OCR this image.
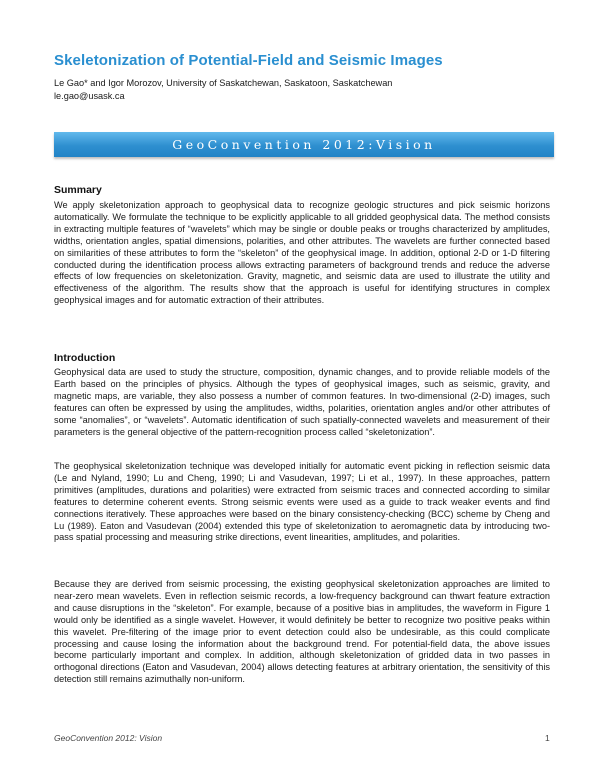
Skeletonization of Potential-Field and Seismic Images
Le Gao* and Igor Morozov, University of Saskatchewan, Saskatoon, Saskatchewan
le.gao@usask.ca
GeoConvention 2012:Vision
Summary

We apply skeletonization approach to geophysical data to recognize geologic structures and pick seismic horizons automatically. We formulate the technique to be explicitly applicable to all gridded geophysical data. The method consists in extracting multiple features of “wavelets” which may be single or double peaks or troughs characterized by amplitudes, widths, orientation angles, spatial dimensions, polarities, and other attributes. The wavelets are further connected based on similarities of these attributes to form the “skeleton” of the geophysical image. In addition, optional 2-D or 1-D filtering conducted during the identification process allows extracting parameters of background trends and reduce the adverse effects of low frequencies on skeletonization. Gravity, magnetic, and seismic data are used to illustrate the utility and effectiveness of the algorithm. The results show that the approach is useful for identifying structures in complex geophysical images and for automatic extraction of their attributes.

Introduction

Geophysical data are used to study the structure, composition, dynamic changes, and to provide reliable models of the Earth based on the principles of physics. Although the types of geophysical images, such as seismic, gravity, and magnetic maps, are variable, they also possess a number of common features. In two-dimensional (2-D) images, such features can often be expressed by using the amplitudes, widths, polarities, orientation angles and/or other attributes of some “anomalies”, or “wavelets”. Automatic identification of such spatially-connected wavelets and measurement of their parameters is the general objective of the pattern-recognition process called “skeletonization”.

The geophysical skeletonization technique was developed initially for automatic event picking in reflection seismic data (Le and Nyland, 1990; Lu and Cheng, 1990; Li and Vasudevan, 1997; Li et al., 1997). In these approaches, pattern primitives (amplitudes, durations and polarities) were extracted from seismic traces and connected according to similar features to determine coherent events. Strong seismic events were used as a guide to track weaker events and find connections iteratively. These approaches were based on the binary consistency-checking (BCC) scheme by Cheng and Lu (1989). Eaton and Vasudevan (2004) extended this type of skeletonization to aeromagnetic data by introducing two-pass spatial processing and measuring strike directions, event linearities, amplitudes, and polarities.

Because they are derived from seismic processing, the existing geophysical skeletonization approaches are limited to near-zero mean wavelets. Even in reflection seismic records, a low-frequency background can thwart feature extraction and cause disruptions in the “skeleton”. For example, because of a positive bias in amplitudes, the waveform in Figure 1 would only be identified as a single wavelet. However, it would definitely be better to recognize two positive peaks within this wavelet. Pre-filtering of the image prior to event detection could also be undesirable, as this could complicate processing and cause losing the information about the background trend. For potential-field data, the above issues become particularly important and complex. In addition, although skeletonization of gridded data in two passes in orthogonal directions (Eaton and Vasudevan, 2004) allows detecting features at arbitrary orientation, the sensitivity of this detection still remains azimuthally non-uniform.

GeoConvention 2012: Vision	1
